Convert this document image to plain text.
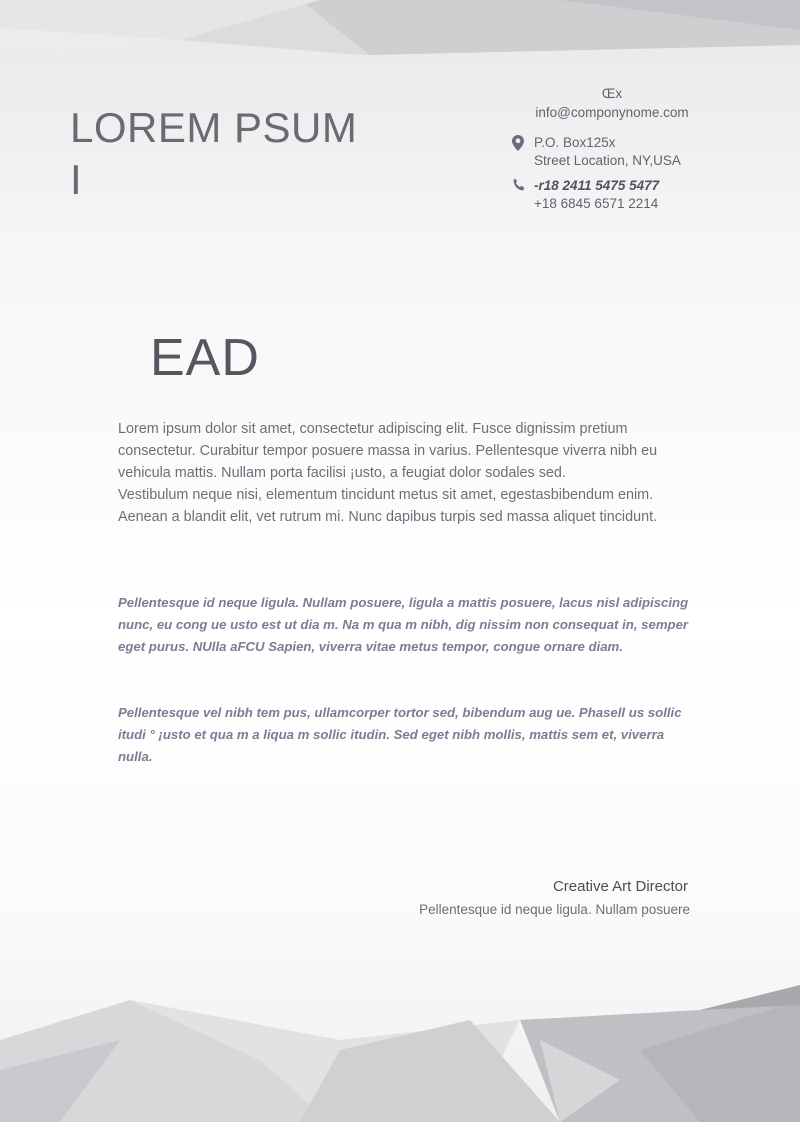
LOREM PSUM
I
Œx
info@componynome.com
P.O. Box125x
Street Location, NY,USA
-r18 2411 5475 5477
+18 6845 6571 2214
EAD

Lorem ipsum dolor sit amet, consectetur adipiscing elit. Fusce dignissim pretium consectetur. Curabitur tempor posuere massa in varius. Pellentesque viverra nibh eu vehicula mattis. Nullam porta facilisi ¡usto, a feugiat dolor sodales sed.

Vestibulum neque nisi, elementum tincidunt metus sit amet, egestasbibendum enim. Aenean a blandit elit, vet rutrum mi. Nunc dapibus turpis sed massa aliquet tincidunt.

Pellentesque id neque ligula. Nullam posuere, ligula a mattis posuere, lacus nisl adipiscing nunc, eu cong ue usto est ut dia m. Na m qua m nibh, dig nissim non consequat in, semper eget purus. NUlla aFCU Sapien, viverra vitae metus tempor, congue ornare diam.
Pellentesque vel nibh tem pus, ullamcorper tortor sed, bibendum aug ue. Phasell us sollic itudi ° ¡usto et qua m a liqua m sollic itudin. Sed eget nibh mollis, mattis sem et, viverra nulla.
Creative Art Director
Pellentesque id neque ligula. Nullam posuere
